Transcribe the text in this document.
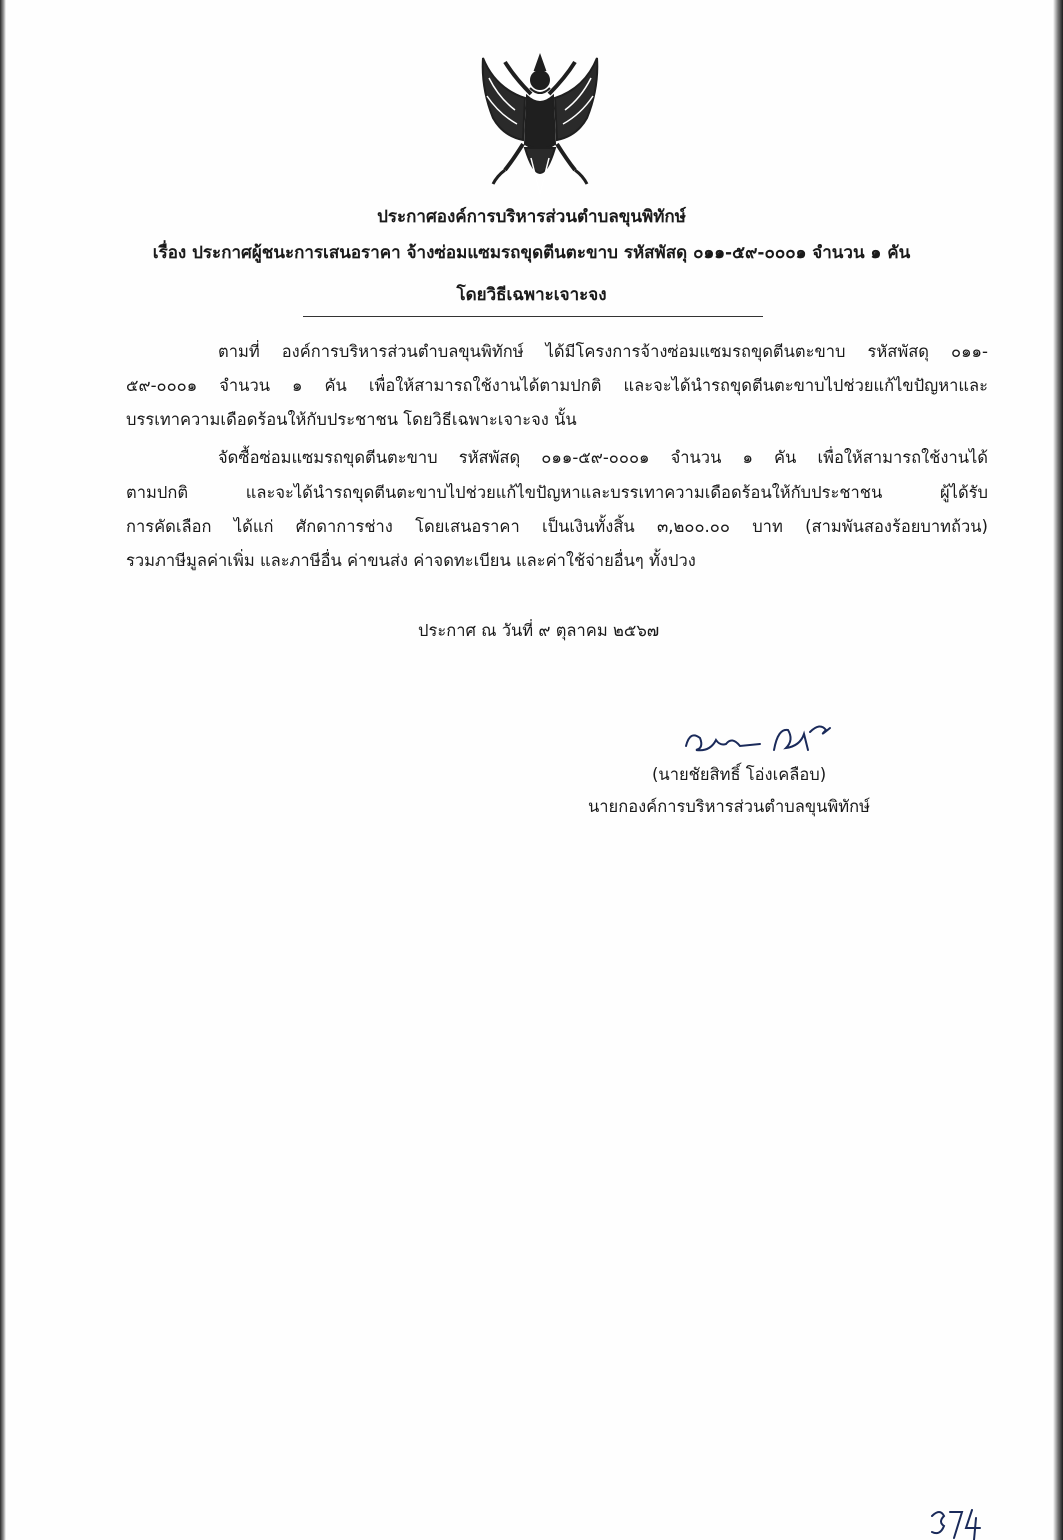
ประกาศองค์การบริหารส่วนตำบลขุนพิทักษ์
เรื่อง ประกาศผู้ชนะการเสนอราคา จ้างซ่อมแซมรถขุดตีนตะขาบ รหัสพัสดุ ๐๑๑-๕๙-๐๐๐๑ จำนวน ๑ คัน
โดยวิธีเฉพาะเจาะจง
ตามที่ องค์การบริหารส่วนตำบลขุนพิทักษ์ ได้มีโครงการจ้างซ่อมแซมรถขุดตีนตะขาบ รหัสพัสดุ ๐๑๑-
๕๙-๐๐๐๑ จำนวน ๑ คัน เพื่อให้สามารถใช้งานได้ตามปกติ และจะได้นำรถขุดตีนตะขาบไปช่วยแก้ไขปัญหาและ
บรรเทาความเดือดร้อนให้กับประชาชน โดยวิธีเฉพาะเจาะจง นั้น
จัดซื้อซ่อมแซมรถขุดตีนตะขาบ รหัสพัสดุ ๐๑๑-๕๙-๐๐๐๑ จำนวน ๑ คัน เพื่อให้สามารถใช้งานได้
ตามปกติ และจะได้นำรถขุดตีนตะขาบไปช่วยแก้ไขปัญหาและบรรเทาความเดือดร้อนให้กับประชาชน ผู้ได้รับ
การคัดเลือก ได้แก่ ศักดาการช่าง โดยเสนอราคา เป็นเงินทั้งสิ้น ๓,๒๐๐.๐๐ บาท (สามพันสองร้อยบาทถ้วน)
รวมภาษีมูลค่าเพิ่ม และภาษีอื่น ค่าขนส่ง ค่าจดทะเบียน และค่าใช้จ่ายอื่นๆ ทั้งปวง
ประกาศ ณ วันที่ ๙ ตุลาคม ๒๕๖๗
(นายชัยสิทธิ์ โอ่งเคลือบ)
นายกองค์การบริหารส่วนตำบลขุนพิทักษ์
